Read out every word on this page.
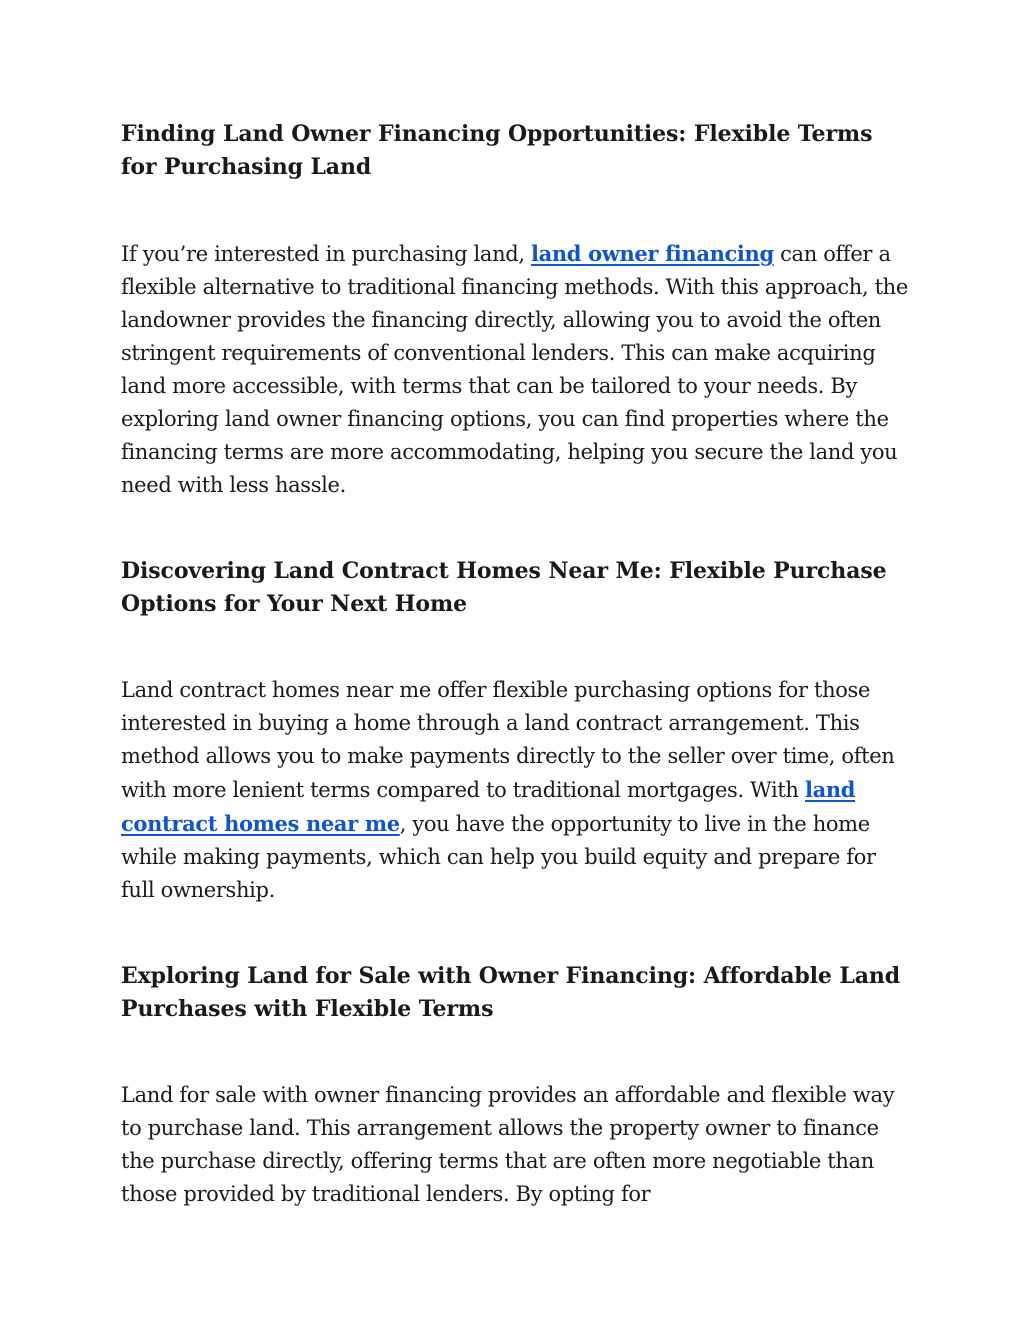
Finding Land Owner Financing Opportunities: Flexible Terms for Purchasing Land

If you’re interested in purchasing land, land owner financing can offer a flexible alternative to traditional financing methods. With this approach, the landowner provides the financing directly, allowing you to avoid the often stringent requirements of conventional lenders. This can make acquiring land more accessible, with terms that can be tailored to your needs. By exploring land owner financing options, you can find properties where the financing terms are more accommodating, helping you secure the land you need with less hassle.

Discovering Land Contract Homes Near Me: Flexible Purchase Options for Your Next Home

Land contract homes near me offer flexible purchasing options for those interested in buying a home through a land contract arrangement. This method allows you to make payments directly to the seller over time, often with more lenient terms compared to traditional mortgages. With land contract homes near me, you have the opportunity to live in the home while making payments, which can help you build equity and prepare for full ownership.

Exploring Land for Sale with Owner Financing: Affordable Land Purchases with Flexible Terms

Land for sale with owner financing provides an affordable and flexible way to purchase land. This arrangement allows the property owner to finance the purchase directly, offering terms that are often more negotiable than those provided by traditional lenders. By opting for
